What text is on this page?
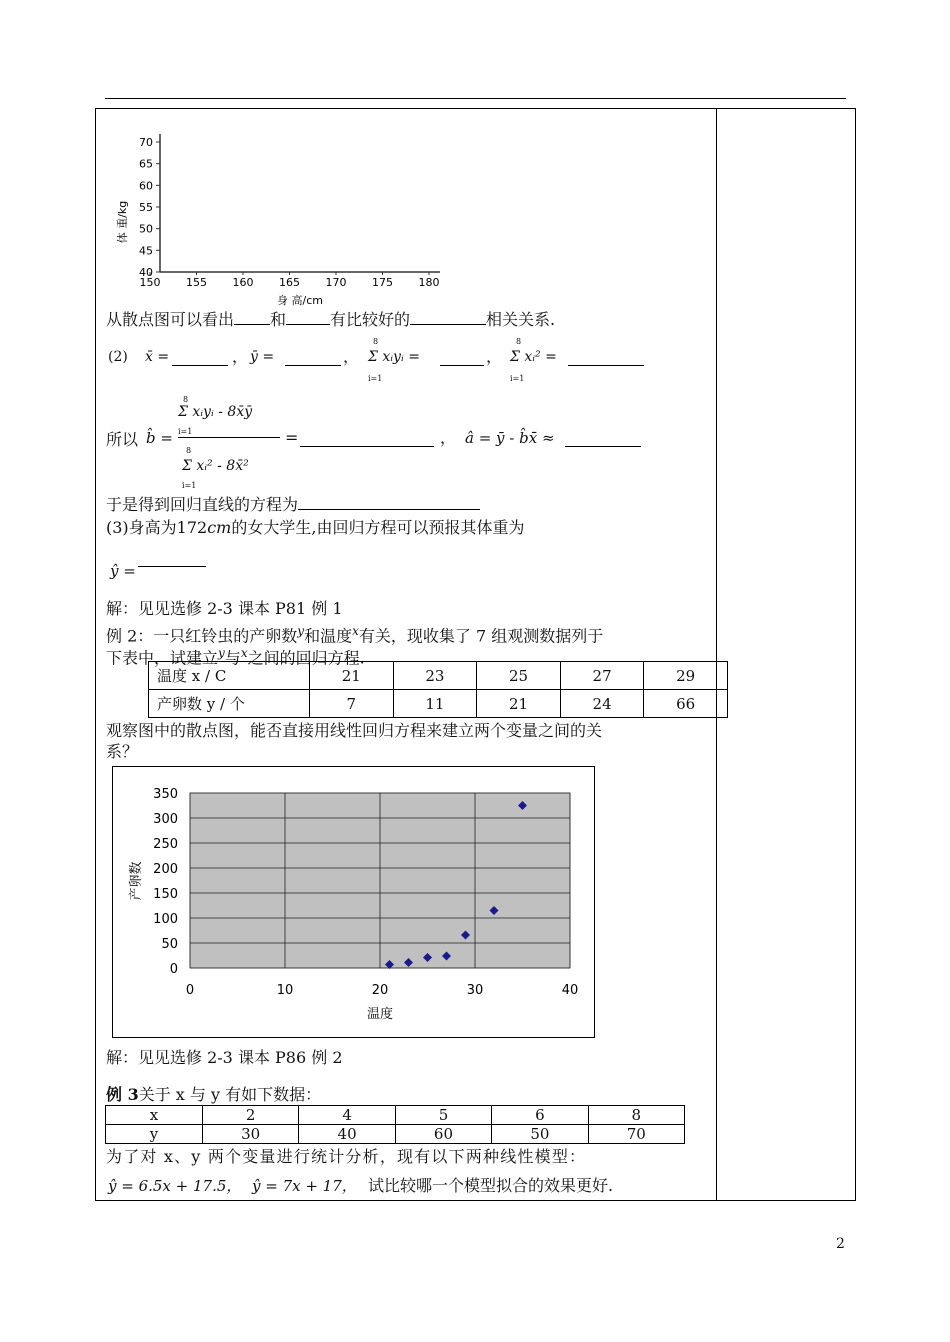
70
65
60
55
50
45
40
150 155 160 165 170 175 180
体 重/kg
身 高/cm
从散点图可以看出 和	有比较好的	相关关系.
(2) x̄ =	， ȳ =	，
8
Σ xᵢyᵢ =
i=1
，
8
Σ xᵢ² =
i=1
所以 b̂ =
8
Σ xᵢyᵢ - 8x̄ȳ
i=1
8
Σ xᵢ² - 8x̄²
i=1
=	， â = ȳ - b̂x̄ ≈
于是得到回归直线的方程为
(3)身高为172cm的女大学生,由回归方程可以预报其体重为
ŷ =
解：见见选修 2-3 课本 P81 例 1
例 2：一只红铃虫的产卵数$^y$和温度$^x$有关，现收集了 7 组观测数据列于
下表中，试建立$^y$与$^x$之间的回归方程.
温度 x / C	21	23	25	27	29
产卵数 y / 个	7	11	21	24	66
观察图中的散点图，能否直接用线性回归方程来建立两个变量之间的关
系？
350
300
250
200
150
100
50
0
0	10	20	30	40
温度
产卵数
解：见见选修 2-3 课本 P86 例 2
例 3关于 x 与 y 有如下数据：
x	2	4	5	6	8
y	30	40	60	50	70
为了对 x、y 两个变量进行统计分析，现有以下两种线性模型：
ŷ = 6.5x + 17.5， ŷ = 7x + 17， 试比较哪一个模型拟合的效果更好.
2
